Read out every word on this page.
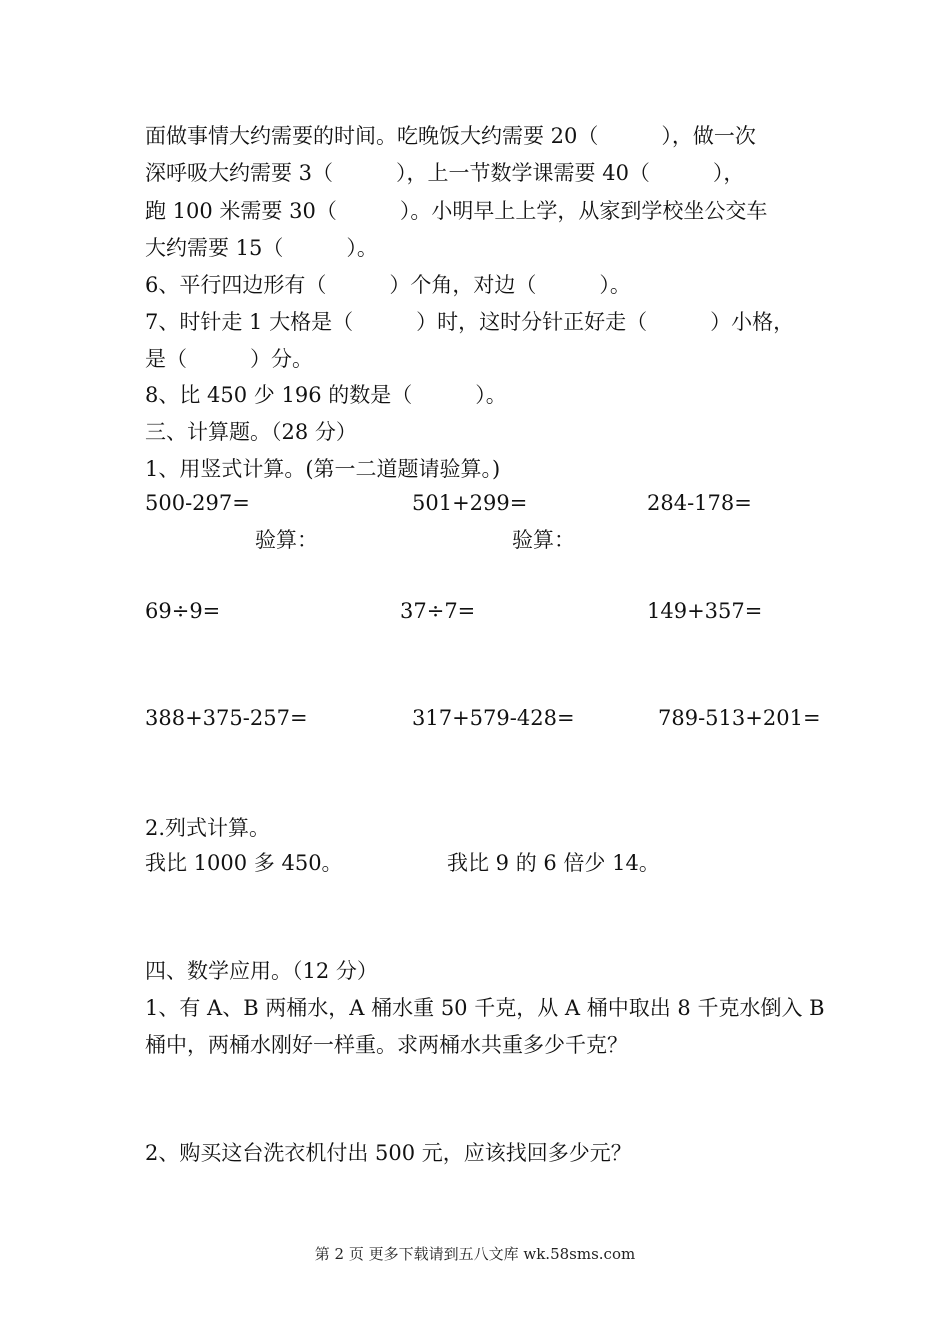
面做事情大约需要的时间。吃晚饭大约需要 20（　　　），做一次
深呼吸大约需要 3（　　　），上一节数学课需要 40（　　　），
跑 100 米需要 30（　　　）。小明早上上学，从家到学校坐公交车
大约需要 15（　　　）。
6、平行四边形有（　　　）个角，对边（　　　）。
7、时针走 1 大格是（　　　）时，这时分针正好走（　　　）小格，
是（　　　）分。
8、比 450 少 196 的数是（　　　）。
三、计算题。（28 分）
1、用竖式计算。(第一二道题请验算。)
500-297=	501+299=	284-178=
验算：	验算：
69÷9=	37÷7=	149+357=
388+375-257=	317+579-428=	789-513+201=
2.列式计算。
我比 1000 多 450。	我比 9 的 6 倍少 14。
四、数学应用。（12 分）
1、有 A、B 两桶水，A 桶水重 50 千克，从 A 桶中取出 8 千克水倒入 B
桶中，两桶水刚好一样重。求两桶水共重多少千克？
2、购买这台洗衣机付出 500 元，应该找回多少元？
第 2 页 更多下载请到五八文库 wk.58sms.com
